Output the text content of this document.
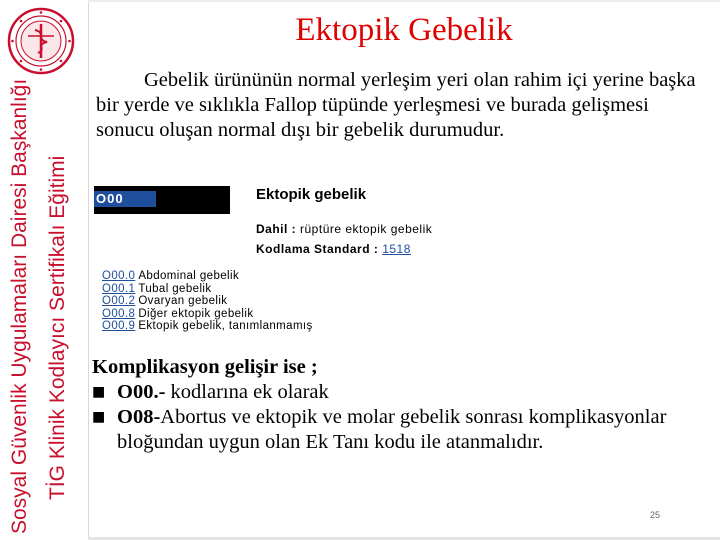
Sosyal Güvenlik Uygulamaları Dairesi Başkanlığı TİG Klinik Kodlayıcı Sertifikalı Eğitimi
Ektopik Gebelik
Gebelik ürününün normal yerleşim yeri olan rahim içi yerine başka bir yerde ve sıklıkla Fallop tüpünde yerleşmesi ve burada gelişmesi sonucu oluşan normal dışı bir gebelik durumudur.
O00	Ektopik gebelik
Dahil : rüptüre ektopik gebelik
Kodlama Standard : 1518
O00.0 Abdominal gebelik
O00.1 Tubal gebelik
O00.2 Ovaryan gebelik
O00.8 Diğer ektopik gebelik
O00.9 Ektopik gebelik, tanımlanmamış
Komplikasyon gelişir ise ;
■ O00.- kodlarına ek olarak
■ O08-Abortus ve ektopik ve molar gebelik sonrası komplikasyonlar bloğundan uygun olan Ek Tanı kodu ile atanmalıdır.
25
